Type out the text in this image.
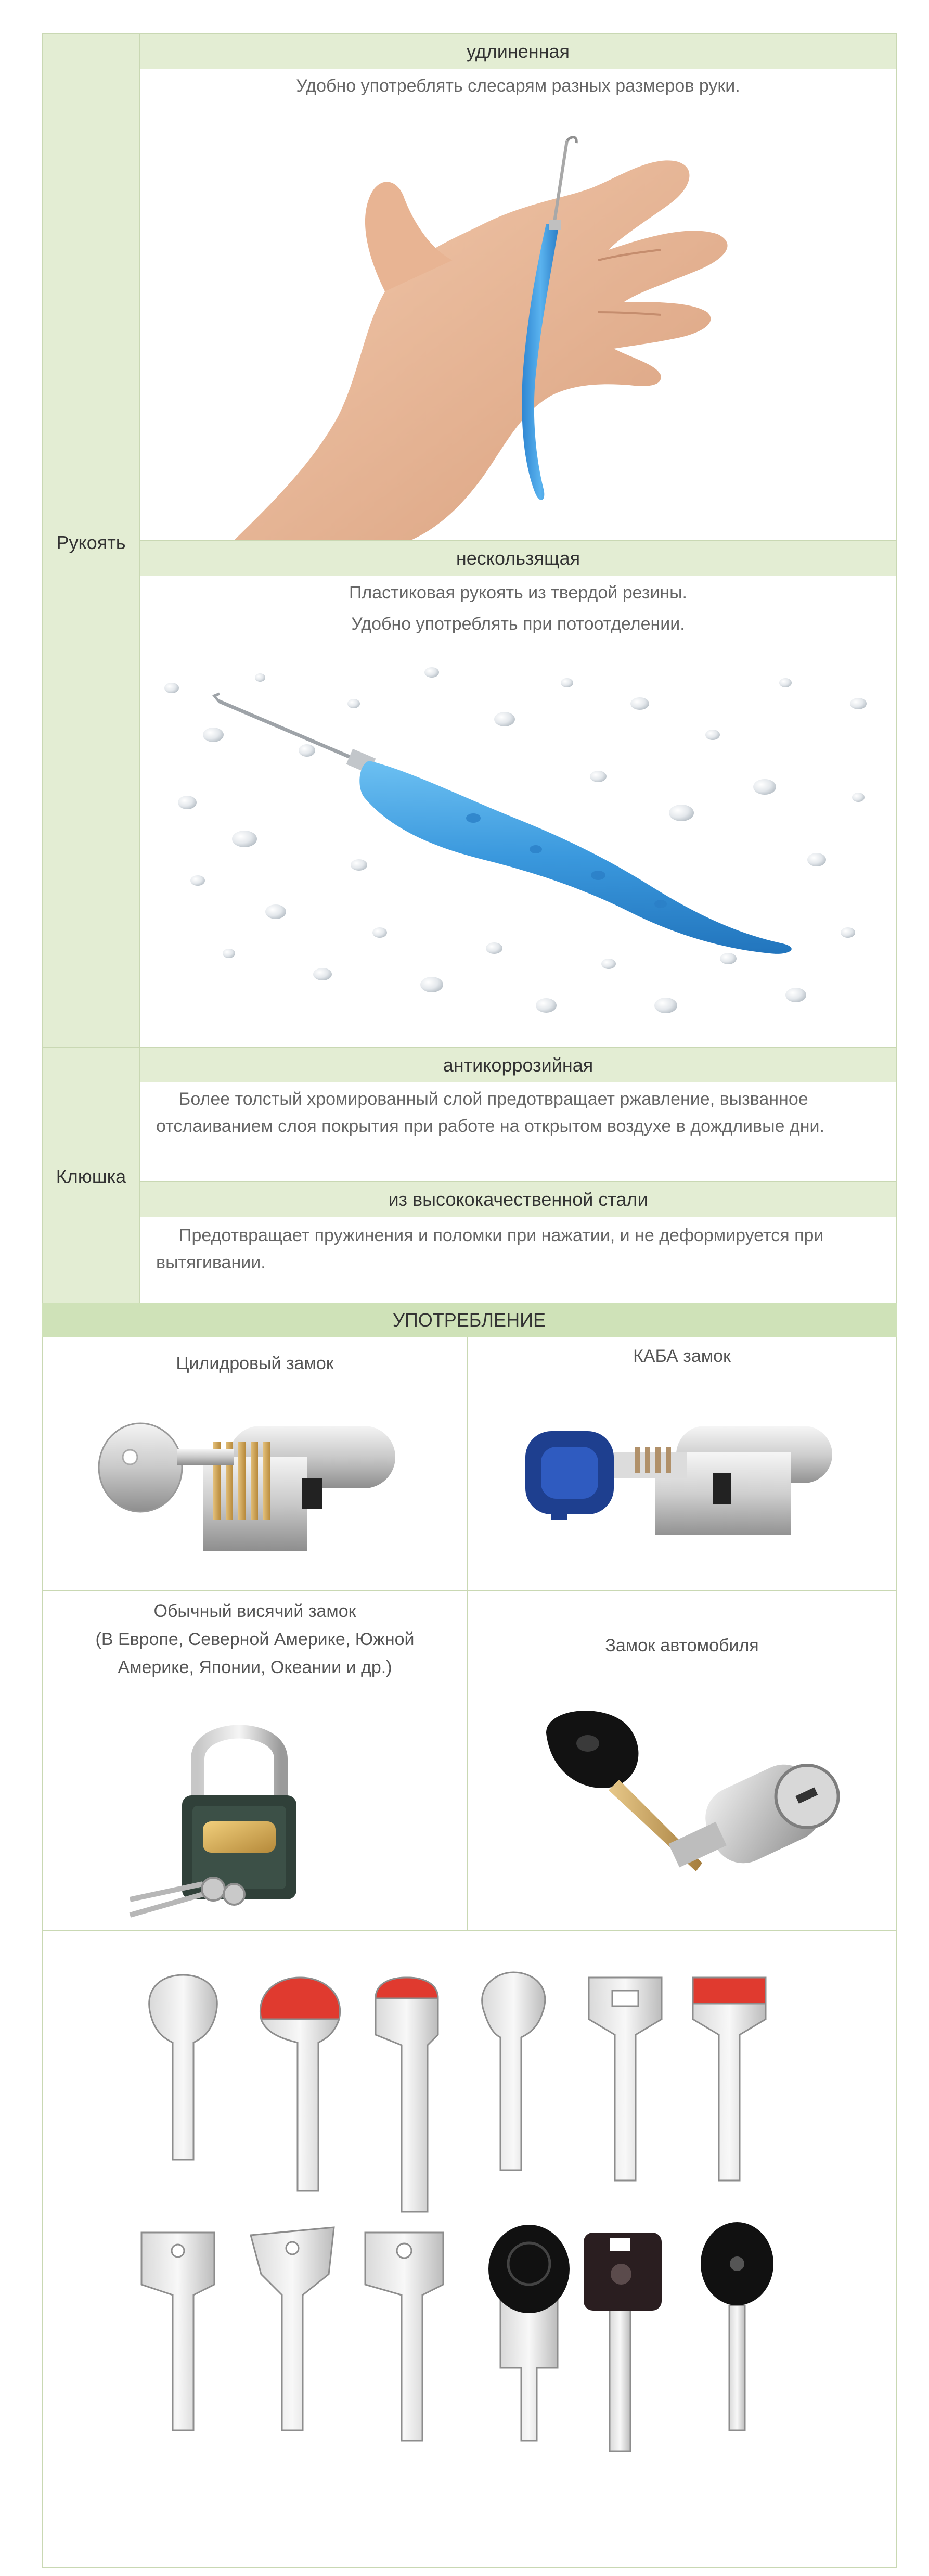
удлиненная
нескользящая
антикоррозийная
из высококачественной стали
Рукоять
Клюшка
Удобно употреблять слесарям разных размеров руки.
Пластиковая рукоять из твердой резины.
Удобно употреблять при потоотделении.
Более толстый хромированный слой предотвращает ржавление, вызванное отслаиванием слоя покрытия при работе на открытом воздухе в дождливые дни.
Предотвращает пружинения и поломки при нажатии, и не деформируется при вытягивании.
УПОТРЕБЛЕНИЕ
Цилидровый замок	КАБА замок
Обычный висячий замок
(В Европе, Северной Америке, Южной
Америке, Японии, Океании и др.)
Замок автомобиля
